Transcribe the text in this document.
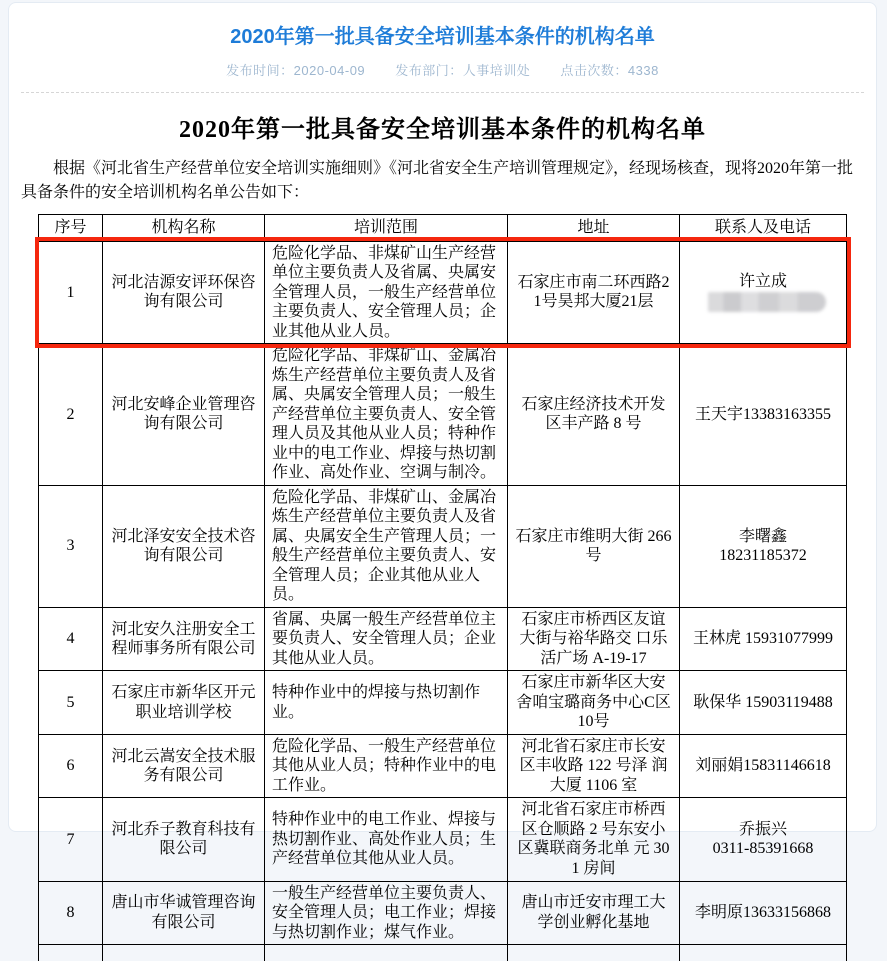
2020年第一批具备安全培训基本条件的机构名单
发布时间：2020-04-09 发布部门：人事培训处 点击次数：4338
2020年第一批具备安全培训基本条件的机构名单

根据《河北省生产经营单位安全培训实施细则》《河北省安全生产培训管理规定》，经现场核查，现将2020年第一批具备条件的安全培训机构名单公告如下：

序号	机构名称	培训范围	地址	联系人及电话
1	河北洁源安评环保咨询有限公司	危险化学品、非煤矿山生产经营单位主要负责人及省属、央属安全管理人员，一般生产经营单位主要负责人、安全管理人员；企业其他从业人员。	石家庄市南二环西路21号昊邦大厦21层	许立成
2	河北安峰企业管理咨询有限公司	危险化学品、非煤矿山、金属冶炼生产经营单位主要负责人及省属、央属安全管理人员；一般生产经营单位主要负责人、安全管理人员及其他从业人员；特种作业中的电工作业、焊接与热切割作业、高处作业、空调与制冷。	石家庄经济技术开发区丰产路 8 号	王天宇13383163355
3	河北泽安安全技术咨询有限公司	危险化学品、非煤矿山、金属冶炼生产经营单位主要负责人及省属、央属安全生产管理人员；一般生产经营单位主要负责人、安全管理人员；企业其他从业人员。	石家庄市维明大街 266号	李曙鑫
18231185372
4	河北安久注册安全工程师事务所有限公司	省属、央属一般生产经营单位主要负责人、安全管理人员；企业其他从业人员。	石家庄市桥西区友谊大街与裕华路交 口乐活广场 A-19-17	王林虎 15931077999
5	石家庄市新华区开元职业培训学校	特种作业中的焊接与热切割作业。	石家庄市新华区大安舍咱宝璐商务中心C区10号	耿保华 15903119488
6	河北云嵩安全技术服务有限公司	危险化学品、一般生产经营单位其他从业人员；特种作业中的电工作业。	河北省石家庄市长安区丰收路 122 号泽 润大厦 1106 室	刘丽娟15831146618
7	河北乔子教育科技有限公司	特种作业中的电工作业、焊接与热切割作业、高处作业人员；生产经营单位其他从业人员。	河北省石家庄市桥西区仓顺路 2 号东安小区冀联商务北单 元 301 房间	乔振兴
0311-85391668
8	唐山市华诚管理咨询有限公司	一般生产经营单位主要负责人、安全管理人员；电工作业；焊接与热切割作业；煤气作业。	唐山市迁安市理工大学创业孵化基地	李明原13633156868
